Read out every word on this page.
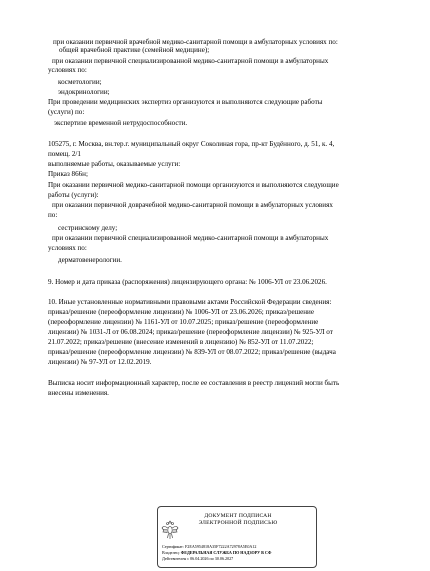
при оказании первичной врачебной медико-санитарной помощи в амбулаторных условиях по:
общей врачебной практике (семейной медицине);
при оказании первичной специализированной медико-санитарной помощи в амбулаторных
условиях по:
косметологии;
эндокринологии;
При проведении медицинских экспертиз организуются и выполняются следующие работы
(услуги) по:
экспертизе временной нетрудоспособности.
105275, г. Москва, вн.тер.г. муниципальный округ Соколиная гора, пр-кт Будённого, д. 51, к. 4,
помещ. 2/1
выполняемые работы, оказываемые услуги:
Приказ 866н;
При оказании первичной медико-санитарной помощи организуются и выполняются следующие
работы (услуги):
при оказании первичной доврачебной медико-санитарной помощи в амбулаторных условиях
по:
сестринскому делу;
при оказании первичной специализированной медико-санитарной помощи в амбулаторных
условиях по:
дерматовенерологии.
9. Номер и дата приказа (распоряжения) лицензирующего органа: № 1006-УЛ от 23.06.2026.
10. Иные установленные нормативными правовыми актами Российской Федерации сведения:
приказ/решение (переоформление лицензии) № 1006-УЛ от 23.06.2026; приказ/решение
(переоформление лицензии) № 1161-УЛ от 10.07.2025; приказ/решение (переоформление
лицензии) № 1031-Л от 06.08.2024; приказ/решение (переоформление лицензии) № 925-УЛ от
21.07.2022; приказ/решение (внесение изменений в лицензию) № 852-УЛ от 11.07.2022;
приказ/решение (переоформление лицензии) № 839-УЛ от 08.07.2022; приказ/решение (выдача
лицензии) № 97-УЛ от 12.02.2019.
Выписка носит информационный характер, после ее составления в реестр лицензий могли быть
внесены изменения.
ДОКУМЕНТ ПОДПИСАН
ЭЛЕКТРОННОЙ ПОДПИСЬЮ
Сертификат: F2EA5954818A35F7222A72978A5E0A12
Владелец: ФЕДЕРАЛЬНАЯ СЛУЖБА ПО НАДЗОРУ В СФ
Действителен с 06.04.2026 по 30.06.2027
